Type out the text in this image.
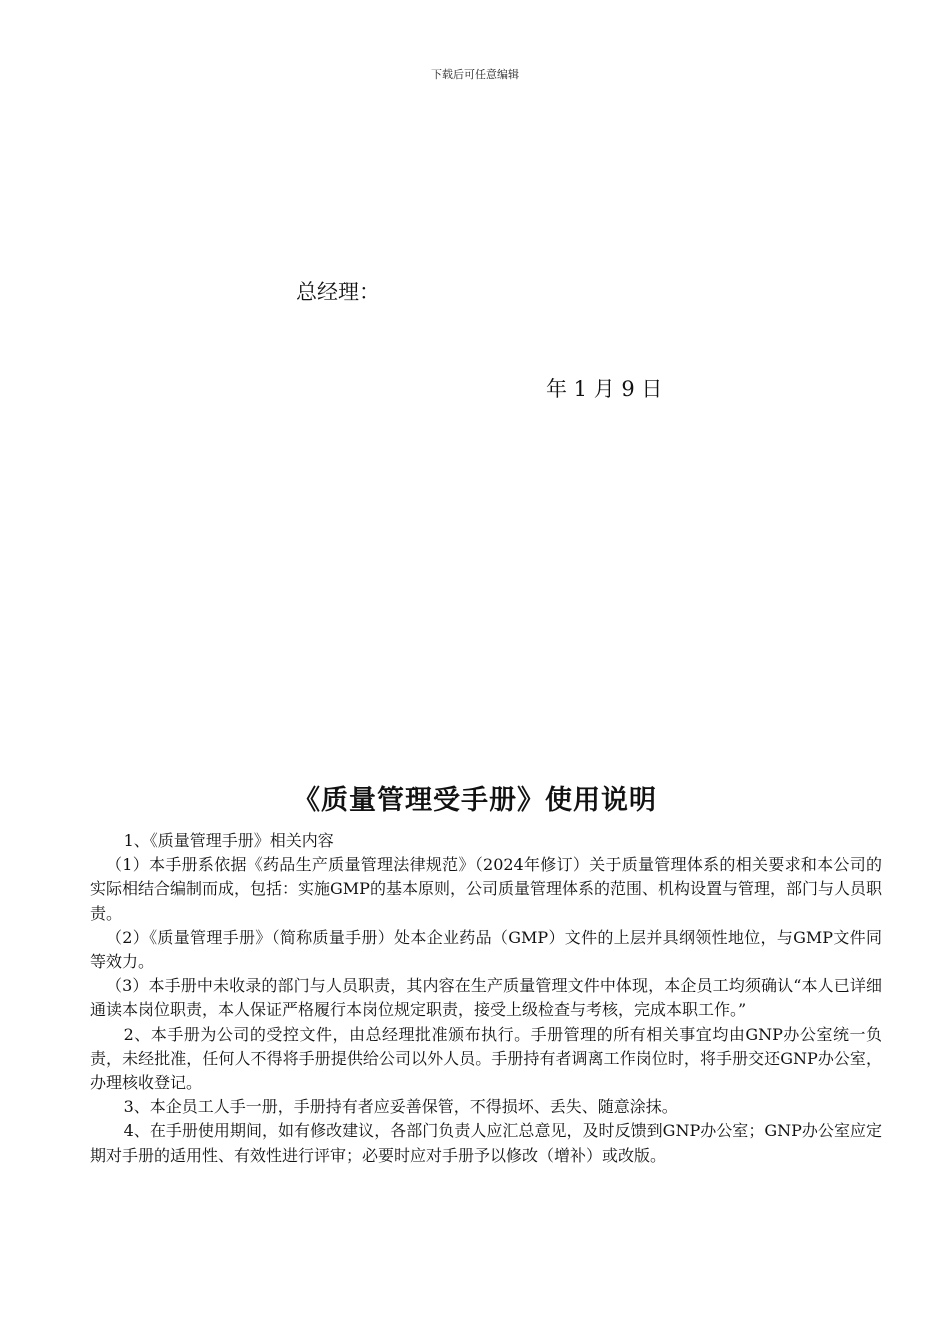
下载后可任意编辑
总经理：
年 1 月 9 日
《质量管理受手册》使用说明

1、《质量管理手册》相关内容

（1）本手册系依据《药品生产质量管理法律规范》（2024年修订）关于质量管理体系的相关要求和本公司的实际相结合编制而成，包括：实施GMP的基本原则，公司质量管理体系的范围、机构设置与管理，部门与人员职责。

（2）《质量管理手册》（简称质量手册）处本企业药品（GMP）文件的上层并具纲领性地位，与GMP文件同等效力。

（3）本手册中未收录的部门与人员职责，其内容在生产质量管理文件中体现，本企员工均须确认“本人已详细通读本岗位职责，本人保证严格履行本岗位规定职责，接受上级检查与考核，完成本职工作。”

2、本手册为公司的受控文件，由总经理批准颁布执行。手册管理的所有相关事宜均由GNP办公室统一负责，未经批准，任何人不得将手册提供给公司以外人员。手册持有者调离工作岗位时，将手册交还GNP办公室，办理核收登记。

3、本企员工人手一册，手册持有者应妥善保管，不得损坏、丢失、随意涂抹。

4、在手册使用期间，如有修改建议，各部门负责人应汇总意见，及时反馈到GNP办公室；GNP办公室应定期对手册的适用性、有效性进行评审；必要时应对手册予以修改（增补）或改版。
